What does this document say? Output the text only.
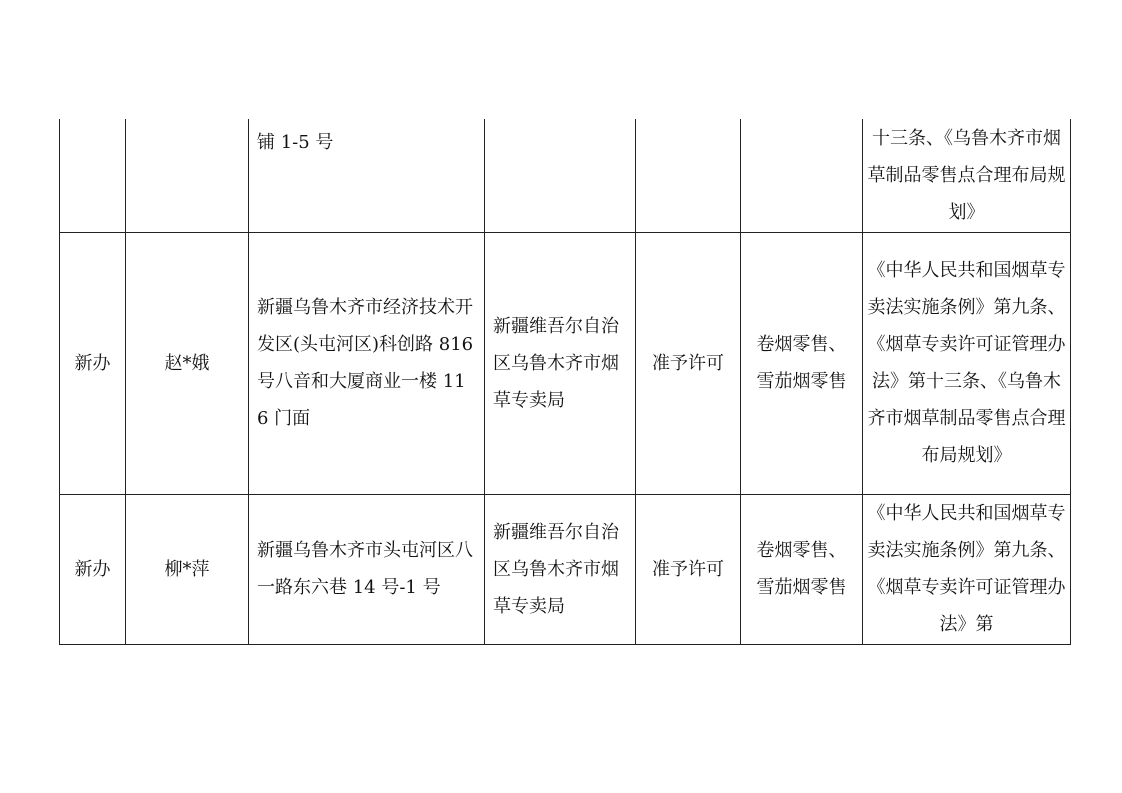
		铺 1-5 号				十三条、《乌鲁木齐市烟草制品零售点合理布局规划》

新办	赵*娥	新疆乌鲁木齐市经济技术开发区(头屯河区)科创路 816 号八音和大厦商业一楼 116 门面	新疆维吾尔自治区乌鲁木齐市烟草专卖局	准予许可	卷烟零售、雪茄烟零售	《中华人民共和国烟草专卖法实施条例》第九条、《烟草专卖许可证管理办法》第十三条、《乌鲁木齐市烟草制品零售点合理布局规划》

新办	柳*萍	新疆乌鲁木齐市头屯河区八一路东六巷 14 号-1 号	新疆维吾尔自治区乌鲁木齐市烟草专卖局	准予许可	卷烟零售、雪茄烟零售	《中华人民共和国烟草专卖法实施条例》第九条、《烟草专卖许可证管理办法》第
